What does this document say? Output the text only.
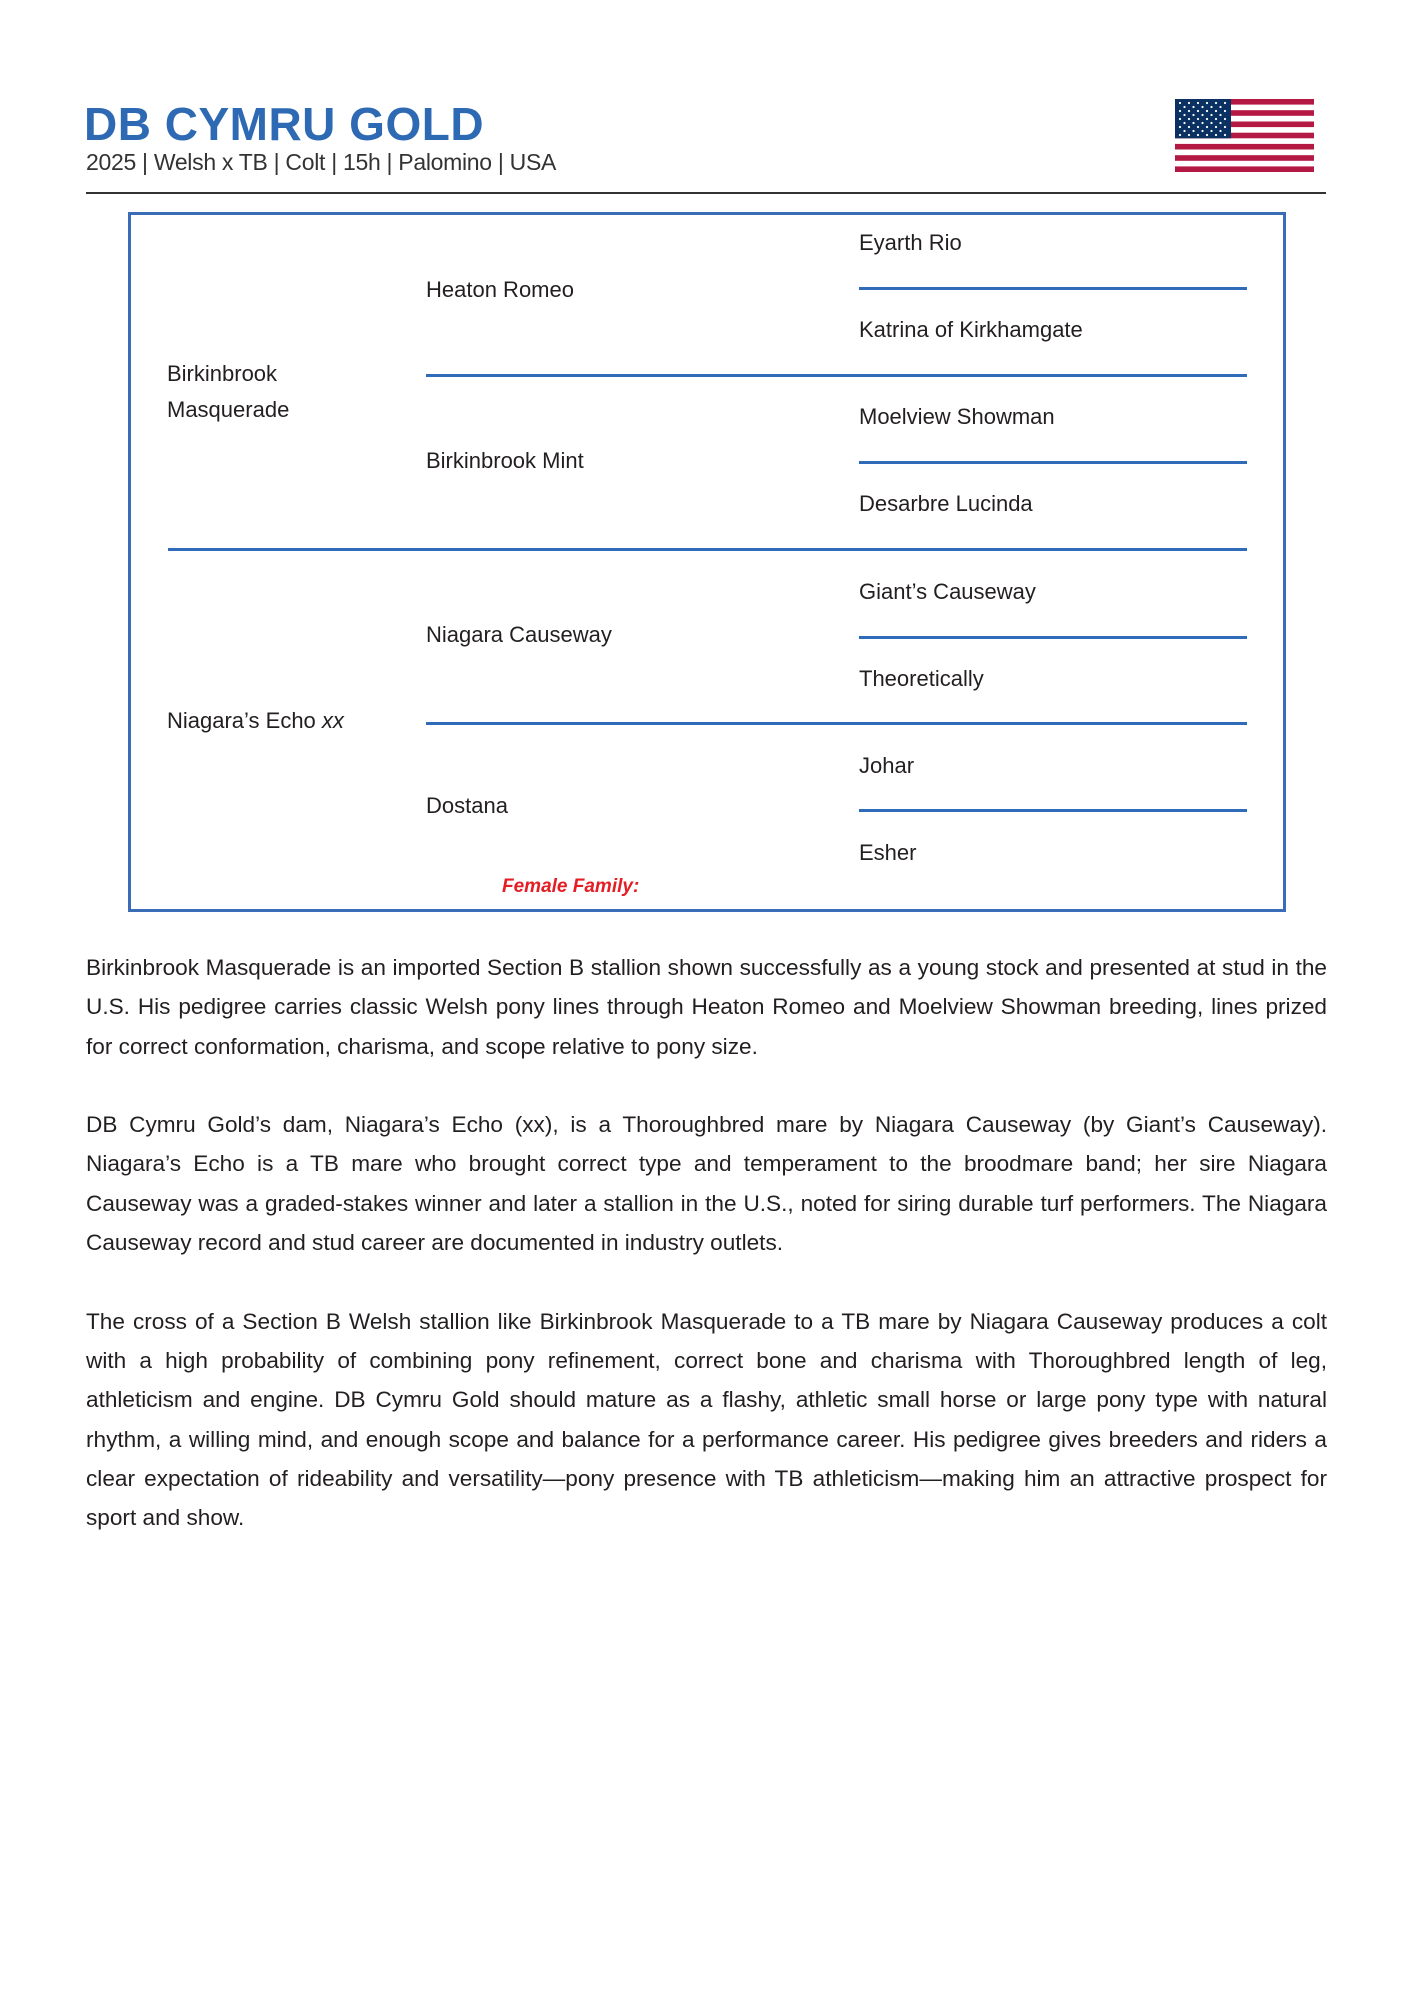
DB CYMRU GOLD
2025 | Welsh x TB | Colt | 15h | Palomino | USA
Birkinbrook
Masquerade
Niagara’s Echo xx
Heaton Romeo
Birkinbrook Mint
Niagara Causeway
Dostana
Eyarth Rio
Katrina of Kirkhamgate
Moelview Showman
Desarbre Lucinda
Giant’s Causeway
Theoretically
Johar
Esher
Female Family:

Birkinbrook Masquerade is an imported Section B stallion shown successfully as a young stock and presented at stud in the U.S. His pedigree carries classic Welsh pony lines through Heaton Romeo and Moelview Showman breeding, lines prized for correct conformation, charisma, and scope relative to pony size.

DB Cymru Gold’s dam, Niagara’s Echo (xx), is a Thoroughbred mare by Niagara Causeway (by Giant’s Causeway). Niagara’s Echo is a TB mare who brought correct type and temperament to the broodmare band; her sire Niagara Causeway was a graded-stakes winner and later a stallion in the U.S., noted for siring durable turf performers. The Niagara Causeway record and stud career are documented in industry outlets.

The cross of a Section B Welsh stallion like Birkinbrook Masquerade to a TB mare by Niagara Causeway produces a colt with a high probability of combining pony refinement, correct bone and charisma with Thoroughbred length of leg, athleticism and engine. DB Cymru Gold should mature as a flashy, athletic small horse or large pony type with natural rhythm, a willing mind, and enough scope and balance for a performance career. His pedigree gives breeders and riders a clear expectation of rideability and versatility—pony presence with TB athleticism—making him an attractive prospect for sport and show.
